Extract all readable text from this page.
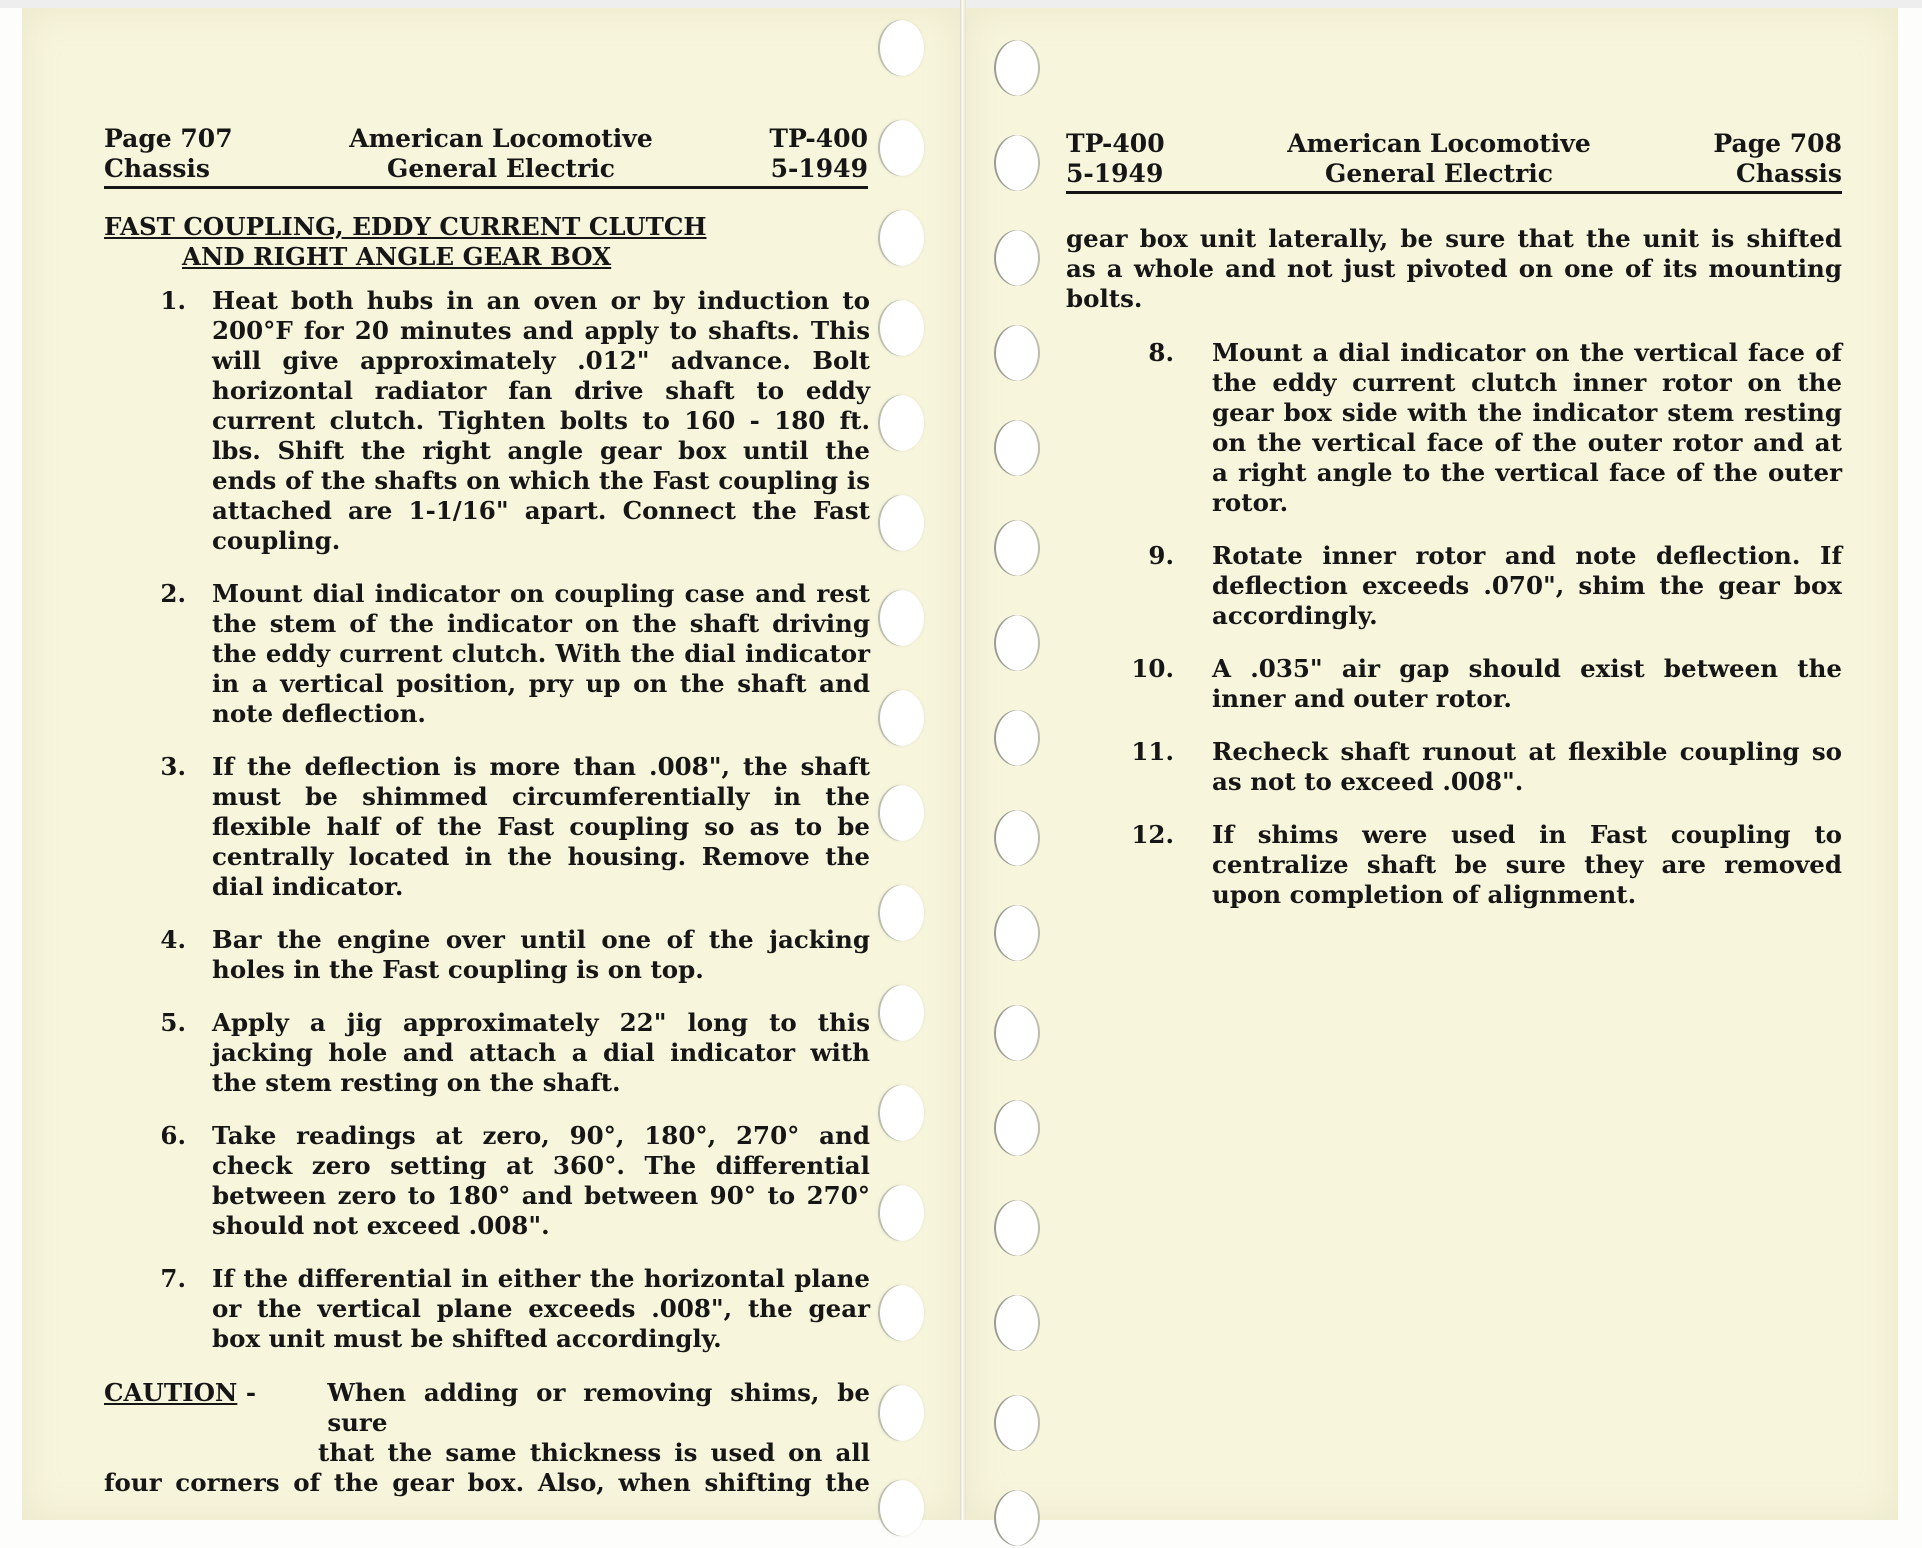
Page 707
Chassis
American Locomotive
General Electric
TP-400
5-1949
FAST COUPLING, EDDY CURRENT CLUTCH
AND RIGHT ANGLE GEAR BOX
1. Heat both hubs in an oven or by induction to 200°F for 20 minutes and apply to shafts. This will give approximately .012" advance. Bolt horizontal radiator fan drive shaft to eddy current clutch. Tighten bolts to 160 - 180 ft. lbs. Shift the right angle gear box until the ends of the shafts on which the Fast coupling is attached are 1-1/16" apart. Connect the Fast coupling.
2. Mount dial indicator on coupling case and rest the stem of the indicator on the shaft driving the eddy current clutch. With the dial indicator in a vertical position, pry up on the shaft and note deflection.
3. If the deflection is more than .008", the shaft must be shimmed circumferentially in the flexible half of the Fast coupling so as to be centrally located in the housing. Remove the dial indicator.
4. Bar the engine over until one of the jacking holes in the Fast coupling is on top.
5. Apply a jig approximately 22" long to this jacking hole and attach a dial indicator with the stem resting on the shaft.
6. Take readings at zero, 90°, 180°, 270° and check zero setting at 360°. The differential between zero to 180° and between 90° to 270° should not exceed .008".
7. If the differential in either the horizontal plane or the vertical plane exceeds .008", the gear box unit must be shifted accordingly.
CAUTION -	When adding or removing shims, be sure
that the same thickness is used on all
four corners of the gear box. Also, when shifting the
TP-400
5-1949
American Locomotive
General Electric
Page 708
Chassis
gear box unit laterally, be sure that the unit is shifted as a whole and not just pivoted on one of its mounting bolts.
8. Mount a dial indicator on the vertical face of the eddy current clutch inner rotor on the gear box side with the indicator stem resting on the vertical face of the outer rotor and at a right angle to the vertical face of the outer rotor.
9. Rotate inner rotor and note deflection. If deflection exceeds .070", shim the gear box accordingly.
10. A .035" air gap should exist between the inner and outer rotor.
11. Recheck shaft runout at flexible coupling so as not to exceed .008".
12. If shims were used in Fast coupling to centralize shaft be sure they are removed upon completion of alignment.
